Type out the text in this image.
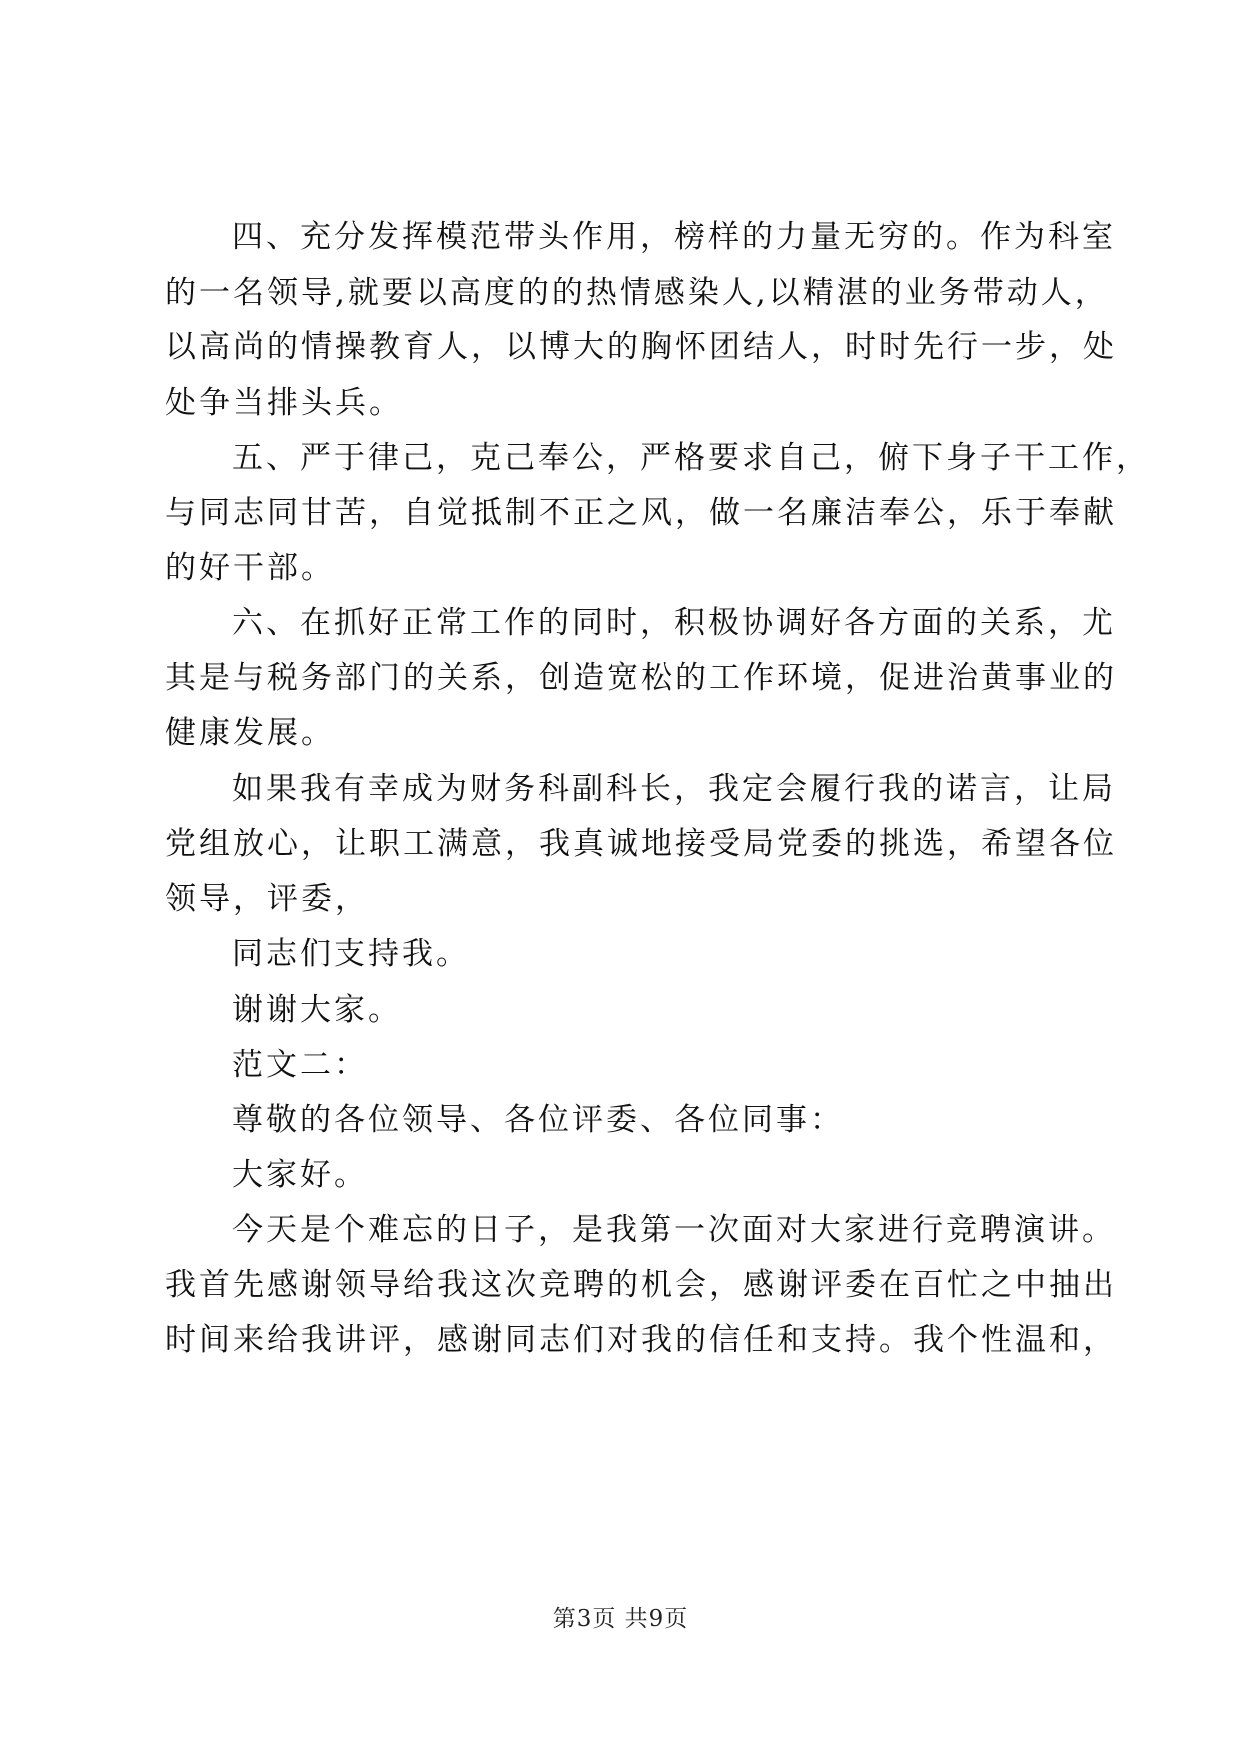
四、充分发挥模范带头作用，榜样的力量无穷的。作为科室
的一名领导,就要以高度的的热情感染人,以精湛的业务带动人，
以高尚的情操教育人，以博大的胸怀团结人，时时先行一步，处
处争当排头兵。
五、严于律己，克己奉公，严格要求自己，俯下身子干工作，
与同志同甘苦，自觉抵制不正之风，做一名廉洁奉公，乐于奉献
的好干部。
六、在抓好正常工作的同时，积极协调好各方面的关系，尤
其是与税务部门的关系，创造宽松的工作环境，促进治黄事业的
健康发展。
如果我有幸成为财务科副科长，我定会履行我的诺言，让局
党组放心，让职工满意，我真诚地接受局党委的挑选，希望各位
领导，评委，
同志们支持我。
谢谢大家。
范文二：
尊敬的各位领导、各位评委、各位同事：
大家好。
今天是个难忘的日子，是我第一次面对大家进行竞聘演讲。
我首先感谢领导给我这次竞聘的机会，感谢评委在百忙之中抽出
时间来给我讲评，感谢同志们对我的信任和支持。我个性温和，
第3页 共9页
